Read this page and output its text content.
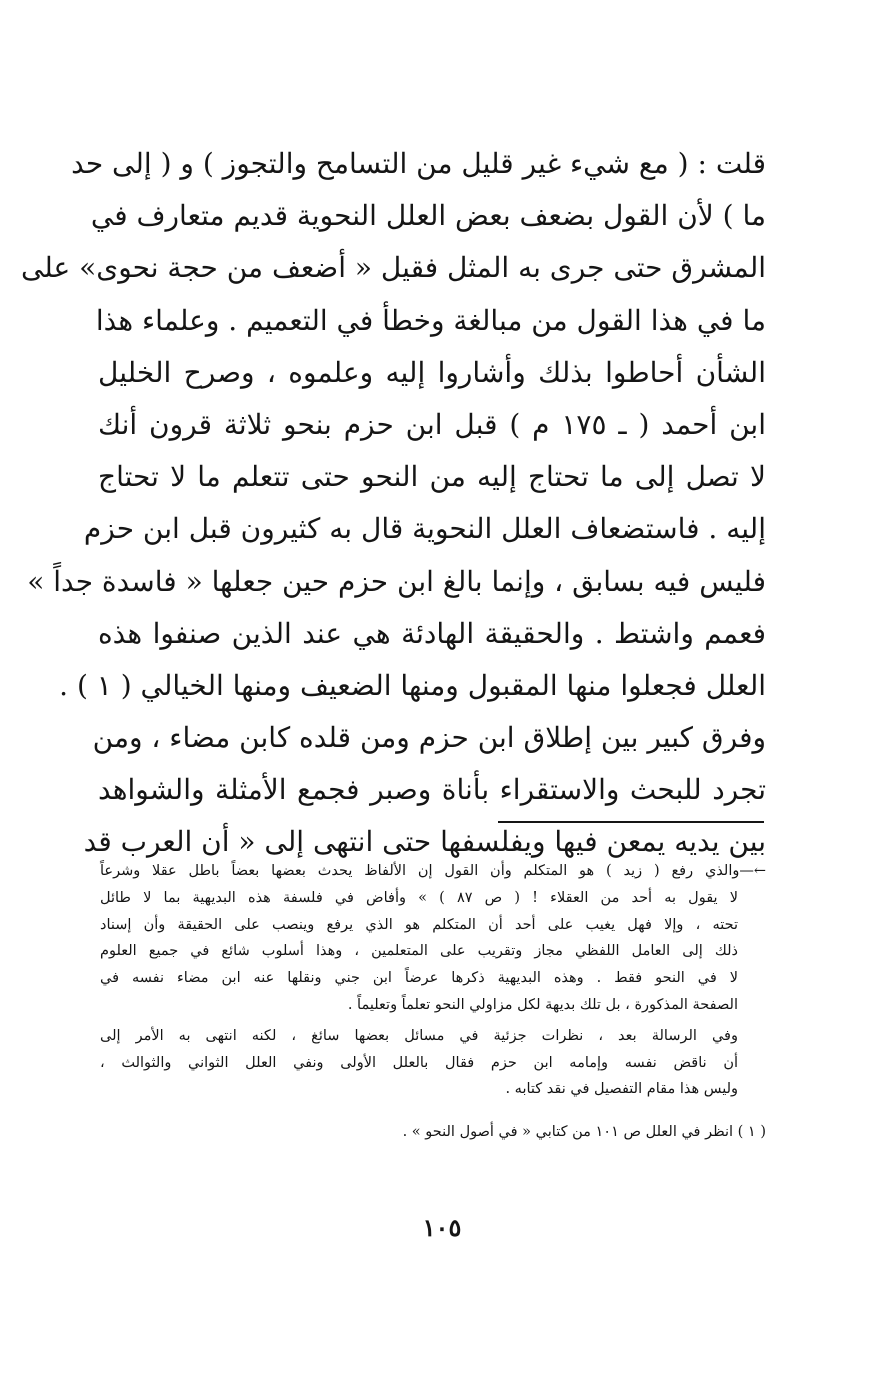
قلت : ( مع شيء غير قليل من التسامح والتجوز ) و ( إلى حد
ما ) لأن القول بضعف بعض العلل النحوية قديم متعارف في
المشرق حتى جرى به المثل فقيل « أضعف من حجة نحوى» على
ما في هذا القول من مبالغة وخطأ في التعميم . وعلماء هذا
الشأن أحاطوا بذلك وأشاروا إليه وعلموه ، وصرح الخليل
ابن أحمد ( ـ ١٧٥ م ) قبل ابن حزم بنحو ثلاثة قرون أنك
لا تصل إلى ما تحتاج إليه من النحو حتى تتعلم ما لا تحتاج
إليه . فاستضعاف العلل النحوية قال به كثيرون قبل ابن حزم
فليس فيه بسابق ، وإنما بالغ ابن حزم حين جعلها « فاسدة جداً »
فعمم واشتط . والحقيقة الهادئة هي عند الذين صنفوا هذه
العلل فجعلوا منها المقبول ومنها الضعيف ومنها الخيالي ( ١ ) .
وفرق كبير بين إطلاق ابن حزم ومن قلده كابن مضاء ، ومن
تجرد للبحث والاستقراء بأناة وصبر فجمع الأمثلة والشواهد
بين يديه يمعن فيها ويفلسفها حتى انتهى إلى « أن العرب قد
←—والذي رفع ( زيد ) هو المتكلم وأن القول إن الألفاظ يحدث بعضها بعضاً باطل عقلا وشرعاً
لا يقول به أحد من العقلاء ! ( ص ٨٧ ) » وأفاض في فلسفة هذه البديهية بما لا طائل
تحته ، وإلا فهل يغيب على أحد أن المتكلم هو الذي يرفع وينصب على الحقيقة وأن إسناد
ذلك إلى العامل اللفظي مجاز وتقريب على المتعلمين ، وهذا أسلوب شائع في جميع العلوم
لا في النحو فقط . وهذه البديهية ذكرها عرضاً ابن جني ونقلها عنه ابن مضاء نفسه في
الصفحة المذكورة ، بل تلك بديهة لكل مزاولي النحو تعلماً وتعليماً .
وفي الرسالة بعد ، نظرات جزئية في مسائل بعضها سائغ ، لكنه انتهى به الأمر إلى
أن ناقض نفسه وإمامه ابن حزم فقال بالعلل الأولى ونفي العلل الثواني والثوالث ،
وليس هذا مقام التفصيل في نقد كتابه .
( ١ ) انظر في العلل ص ١٠١ من كتابي « في أصول النحو » .
١٠٥
